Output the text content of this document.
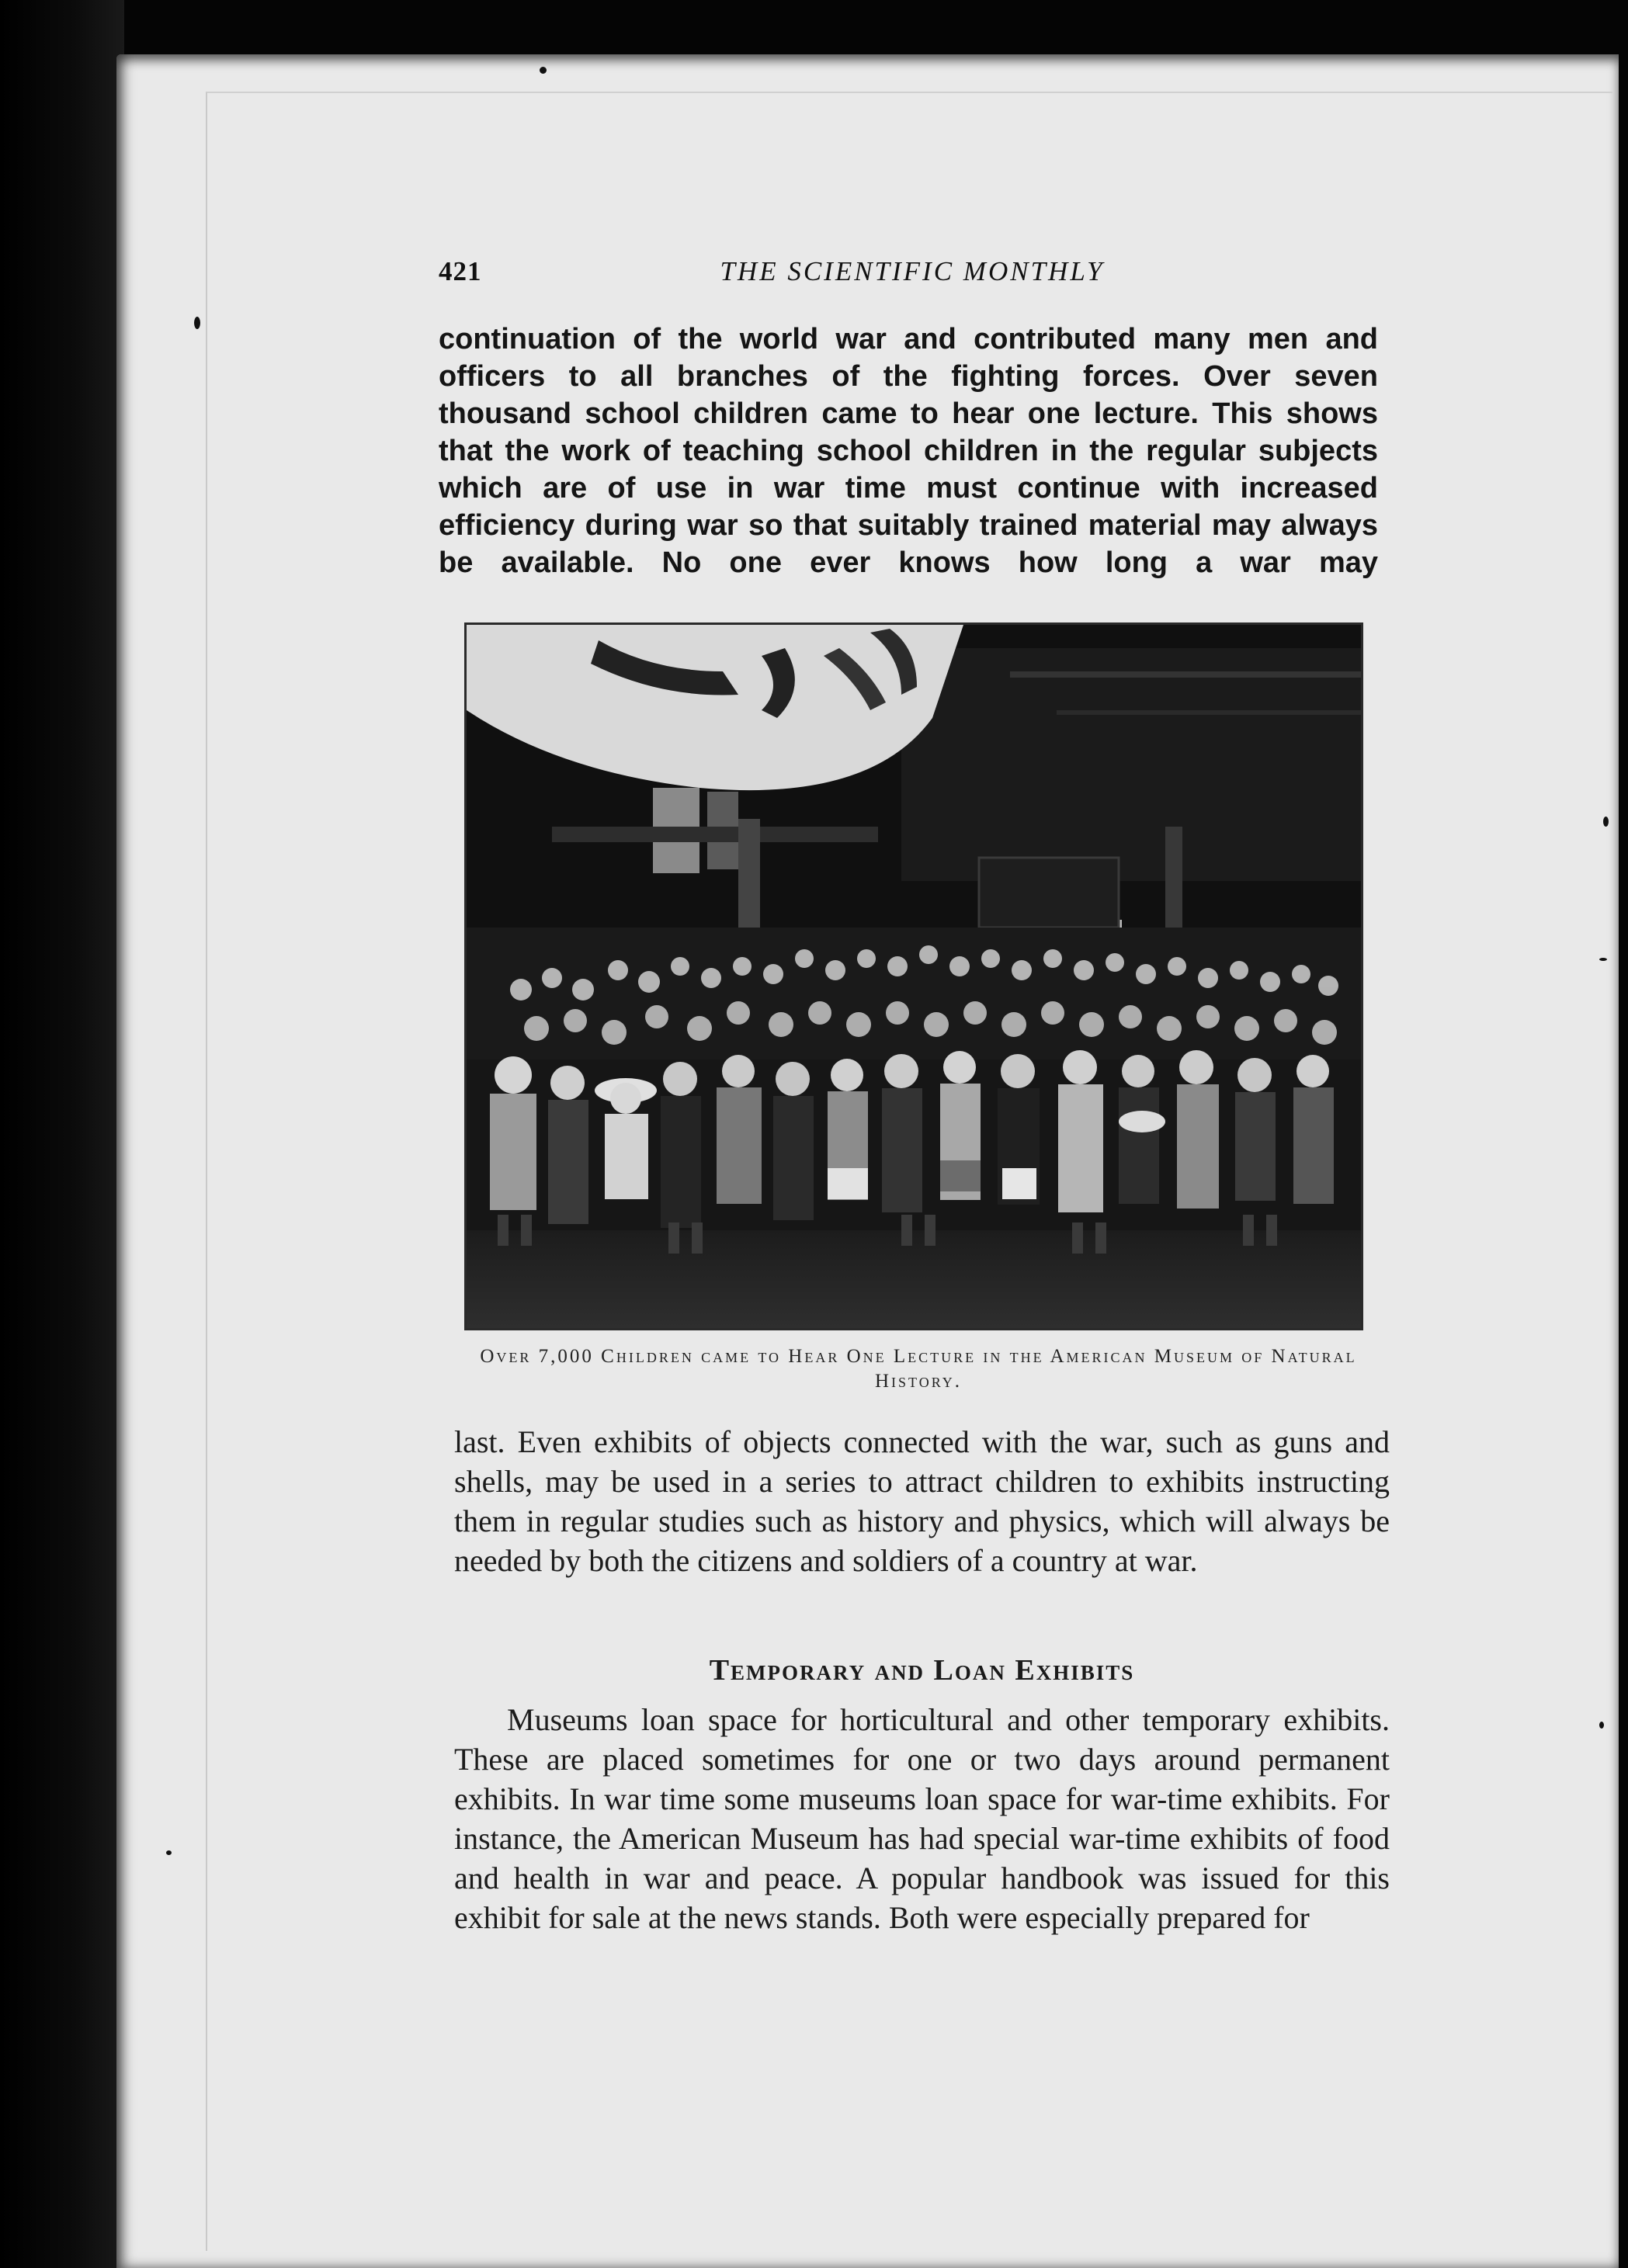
421	THE SCIENTIFIC MONTHLY

continuation of the world war and contributed many men and officers to all branches of the fighting forces. Over seven thousand school children came to hear one lecture. This shows that the work of teaching school children in the regular subjects which are of use in war time must continue with increased efficiency during war so that suitably trained material may always be available. No one ever knows how long a war may

Over 7,000 Children came to Hear One Lecture in the American Museum of Natural History.

last. Even exhibits of objects connected with the war, such as guns and shells, may be used in a series to attract children to exhibits instructing them in regular studies such as history and physics, which will always be needed by both the citizens and soldiers of a country at war.

Temporary and Loan Exhibits

Museums loan space for horticultural and other temporary exhibits. These are placed sometimes for one or two days around permanent exhibits. In war time some museums loan space for war-time exhibits. For instance, the American Museum has had special war-time exhibits of food and health in war and peace. A popular handbook was issued for this exhibit for sale at the news stands. Both were especially prepared for
